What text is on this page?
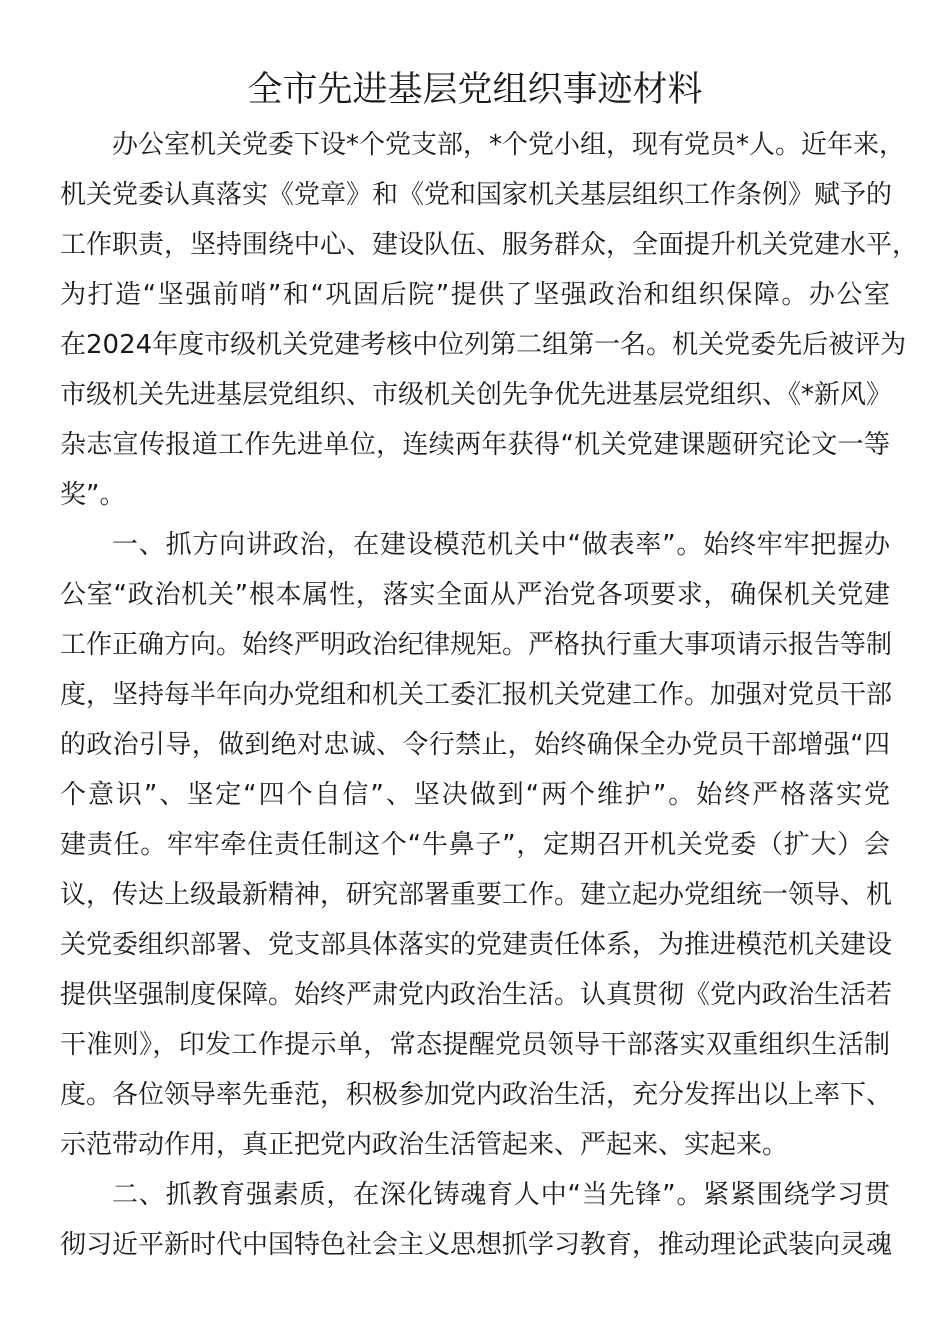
全市先进基层党组织事迹材料
办公室机关党委下设*个党支部，*个党小组，现有党员*人。近年来，
机关党委认真落实《党章》和《党和国家机关基层组织工作条例》赋予的
工作职责，坚持围绕中心、建设队伍、服务群众，全面提升机关党建水平，
为打造“坚强前哨”和“巩固后院”提供了坚强政治和组织保障。办公室
在2024年度市级机关党建考核中位列第二组第一名。机关党委先后被评为
市级机关先进基层党组织、市级机关创先争优先进基层党组织、《*新风》
杂志宣传报道工作先进单位，连续两年获得“机关党建课题研究论文一等
奖”。
一、抓方向讲政治，在建设模范机关中“做表率”。始终牢牢把握办
公室“政治机关”根本属性，落实全面从严治党各项要求，确保机关党建
工作正确方向。始终严明政治纪律规矩。严格执行重大事项请示报告等制
度，坚持每半年向办党组和机关工委汇报机关党建工作。加强对党员干部
的政治引导，做到绝对忠诚、令行禁止，始终确保全办党员干部增强“四
个意识”、坚定“四个自信”、坚决做到“两个维护”。始终严格落实党
建责任。牢牢牵住责任制这个“牛鼻子”，定期召开机关党委（扩大）会
议，传达上级最新精神，研究部署重要工作。建立起办党组统一领导、机
关党委组织部署、党支部具体落实的党建责任体系，为推进模范机关建设
提供坚强制度保障。始终严肃党内政治生活。认真贯彻《党内政治生活若
干准则》，印发工作提示单，常态提醒党员领导干部落实双重组织生活制
度。各位领导率先垂范，积极参加党内政治生活，充分发挥出以上率下、
示范带动作用，真正把党内政治生活管起来、严起来、实起来。
二、抓教育强素质，在深化铸魂育人中“当先锋”。紧紧围绕学习贯
彻习近平新时代中国特色社会主义思想抓学习教育，推动理论武装向灵魂
